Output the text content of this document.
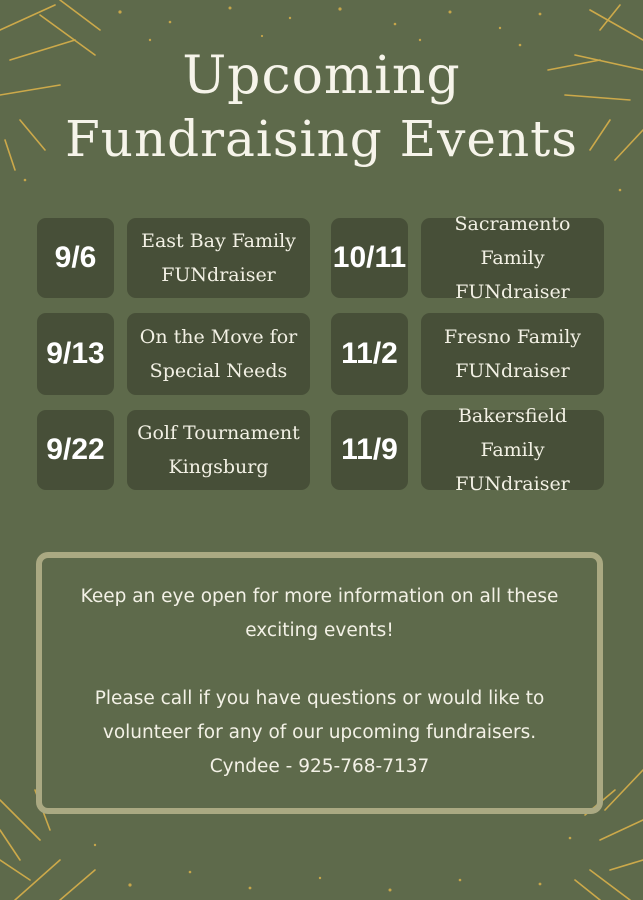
Upcoming
Fundraising Events
9/6	East Bay Family
FUNdraiser
9/13	On the Move for
Special Needs
9/22	Golf Tournament
Kingsburg
10/11
Sacramento
Family FUNdraiser
11/2	Fresno Family
FUNdraiser
11/9
Bakersfield
Family FUNdraiser

Keep an eye open for more information on all these exciting events!

Please call if you have questions or would like to volunteer for any of our upcoming fundraisers.

Cyndee - 925-768-7137
